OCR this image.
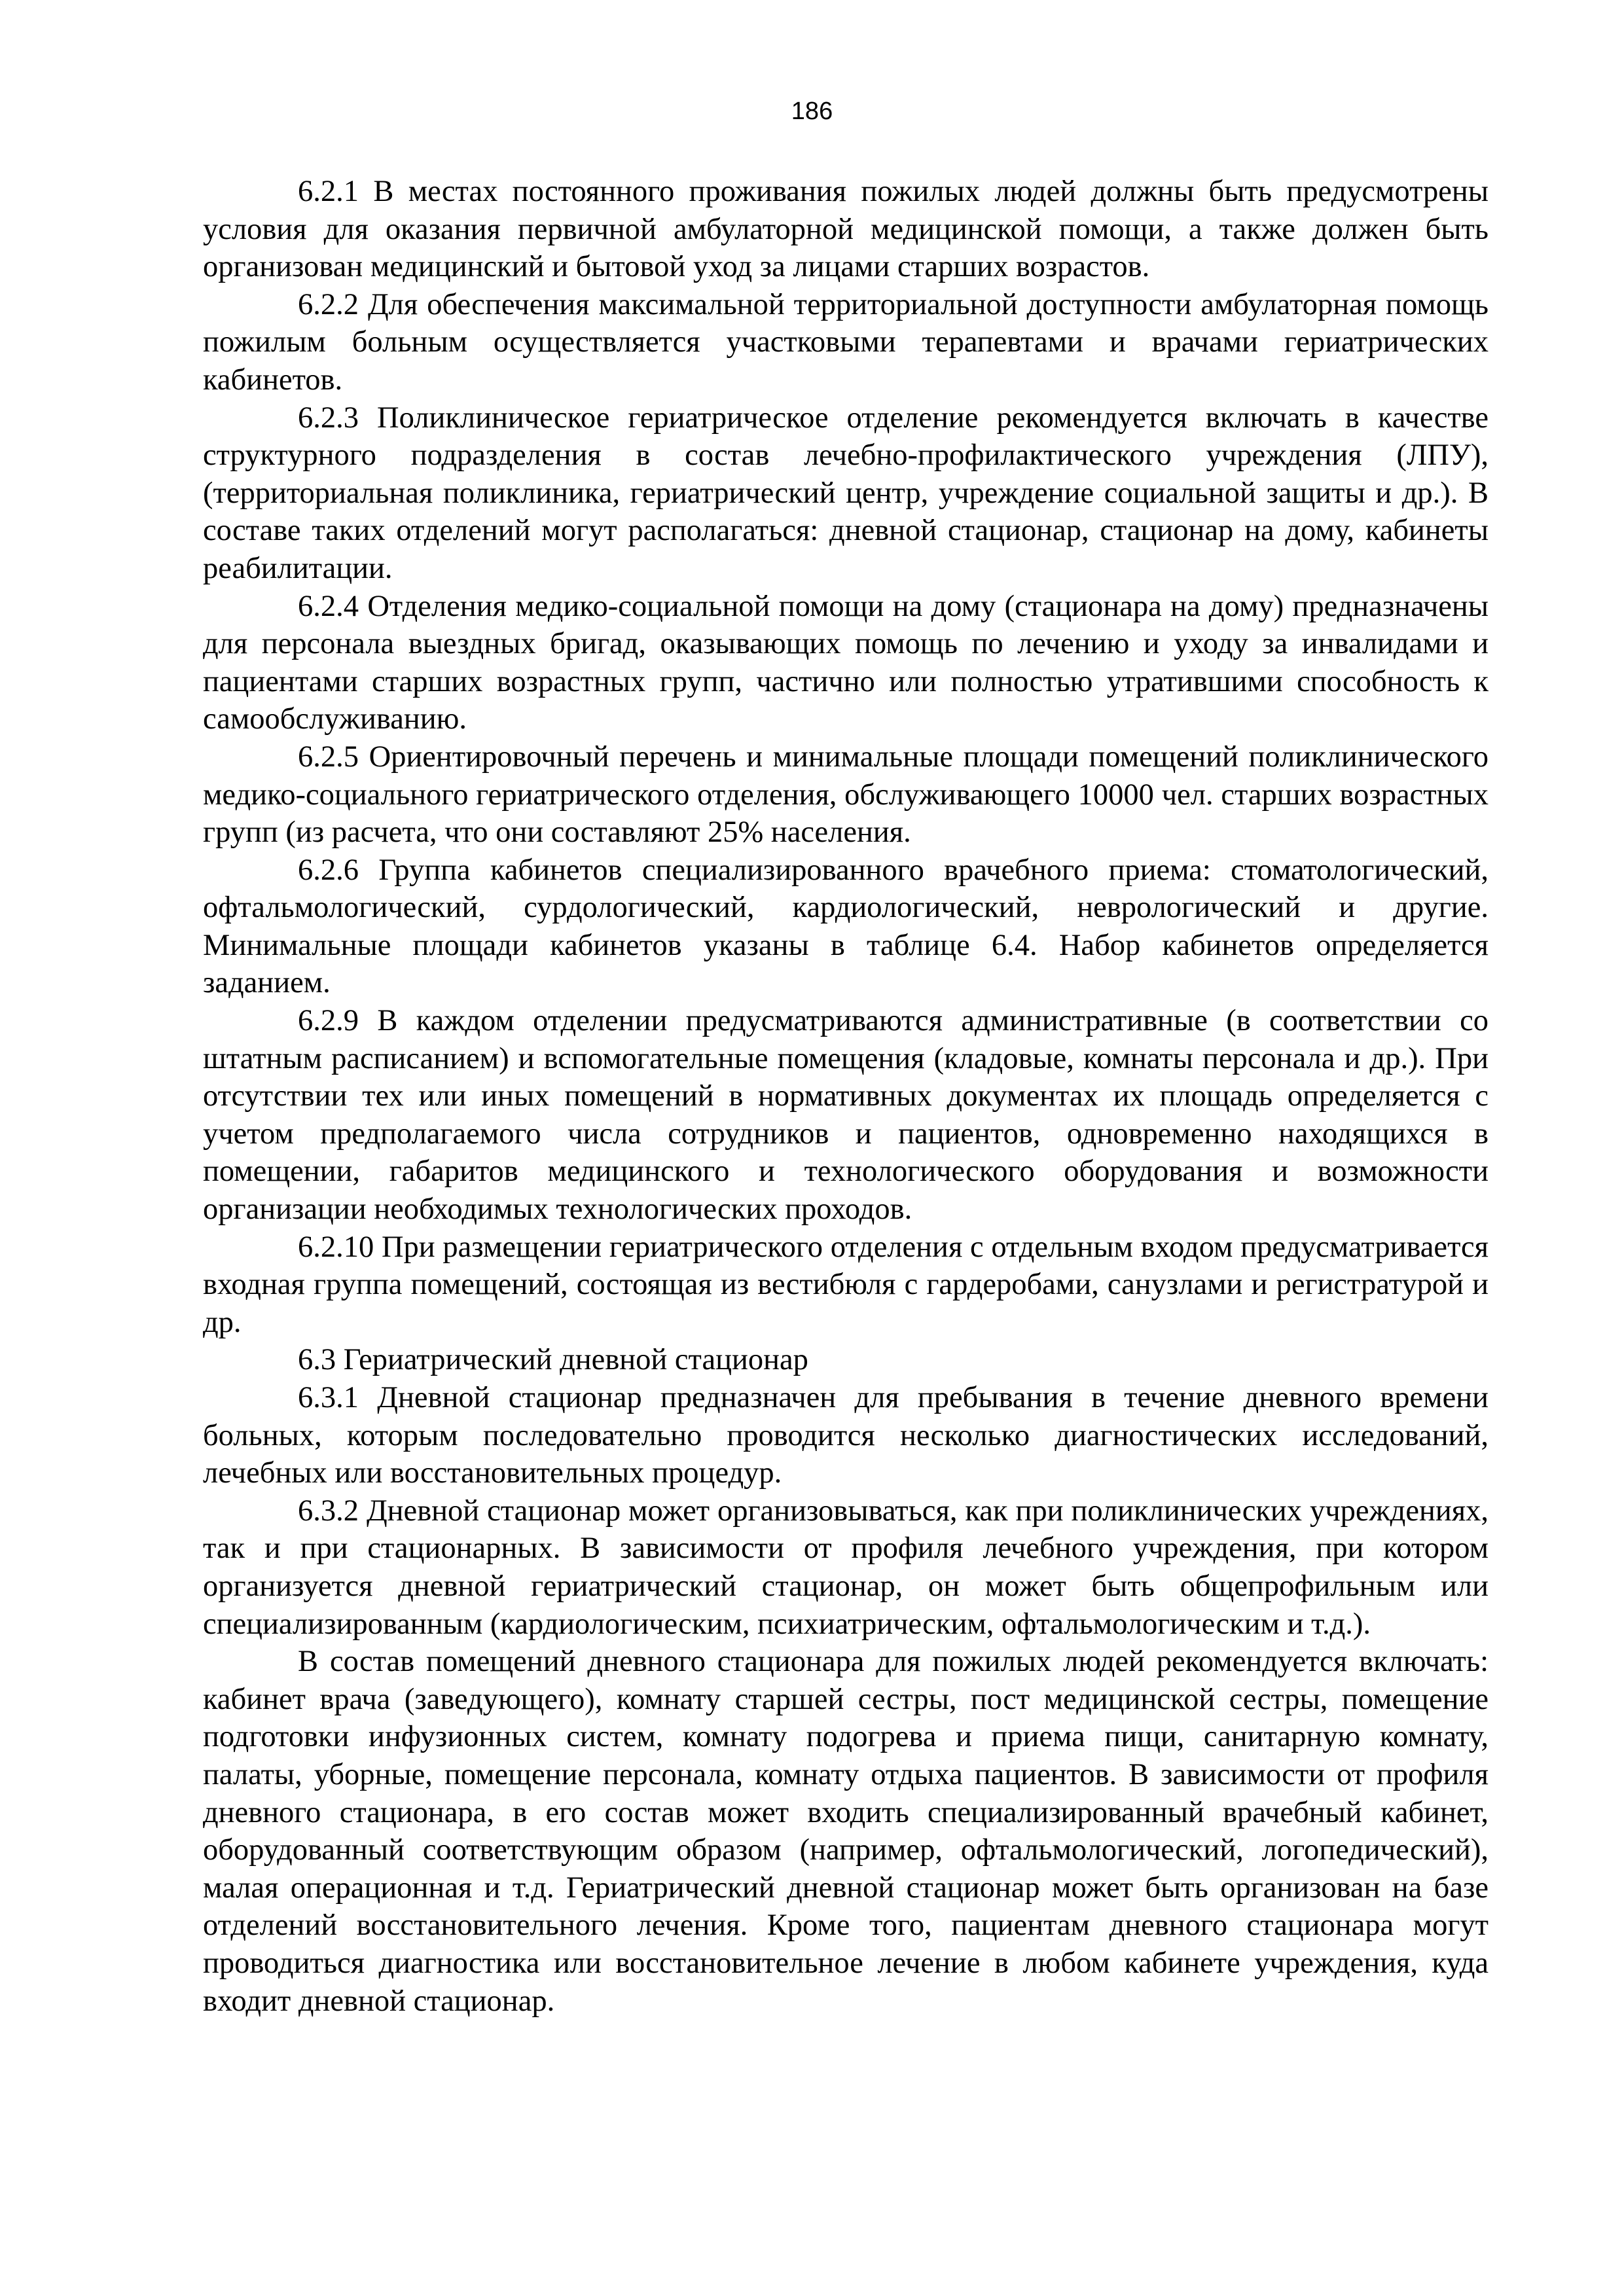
186

6.2.1 В местах постоянного проживания пожилых людей должны быть предусмотрены условия для оказания первичной амбулаторной медицинской помощи, а также должен быть организован медицинский и бытовой уход за лицами старших возрастов.

6.2.2 Для обеспечения максимальной территориальной доступности амбулаторная помощь пожилым больным осуществляется участковыми терапевтами и врачами гериатрических кабинетов.

6.2.3 Поликлиническое гериатрическое отделение рекомендуется включать в качестве структурного подразделения в состав лечебно-профилактического учреждения (ЛПУ), (территориальная поликлиника, гериатрический центр, учреждение социальной защиты и др.). В составе таких отделений могут располагаться: дневной стационар, стационар на дому, кабинеты реабилитации.

6.2.4 Отделения медико-социальной помощи на дому (стационара на дому) предназначены для персонала выездных бригад, оказывающих помощь по лечению и уходу за инвалидами и пациентами старших возрастных групп, частично или полностью утратившими способность к самообслуживанию.

6.2.5 Ориентировочный перечень и минимальные площади помещений поликлинического медико-социального гериатрического отделения, обслуживающего 10000 чел. старших возрастных групп (из расчета, что они составляют 25% населения.

6.2.6 Группа кабинетов специализированного врачебного приема: стоматологический, офтальмологический, сурдологический, кардиологический, неврологический и другие. Минимальные площади кабинетов указаны в таблице 6.4. Набор кабинетов определяется заданием.

6.2.9 В каждом отделении предусматриваются административные (в соответствии со штатным расписанием) и вспомогательные помещения (кладовые, комнаты персонала и др.). При отсутствии тех или иных помещений в нормативных документах их площадь определяется с учетом предполагаемого числа сотрудников и пациентов, одновременно находящихся в помещении, габаритов медицинского и технологического оборудования и возможности организации необходимых технологических проходов.

6.2.10 При размещении гериатрического отделения с отдельным входом предусматривается входная группа помещений, состоящая из вестибюля с гардеробами, санузлами и регистратурой и др.

6.3 Гериатрический дневной стационар

6.3.1 Дневной стационар предназначен для пребывания в течение дневного времени больных, которым последовательно проводится несколько диагностических исследований, лечебных или восстановительных процедур.

6.3.2 Дневной стационар может организовываться, как при поликлинических учреждениях, так и при стационарных. В зависимости от профиля лечебного учреждения, при котором организуется дневной гериатрический стационар, он может быть общепрофильным или специализированным (кардиологическим, психиатрическим, офтальмологическим и т.д.).

В состав помещений дневного стационара для пожилых людей рекомендуется включать: кабинет врача (заведующего), комнату старшей сестры, пост медицинской сестры, помещение подготовки инфузионных систем, комнату подогрева и приема пищи, санитарную комнату, палаты, уборные, помещение персонала, комнату отдыха пациентов. В зависимости от профиля дневного стационара, в его состав может входить специализированный врачебный кабинет, оборудованный соответствующим образом (например, офтальмологический, логопедический), малая операционная и т.д. Гериатрический дневной стационар может быть организован на базе отделений восстановительного лечения. Кроме того, пациентам дневного стационара могут проводиться диагностика или восстановительное лечение в любом кабинете учреждения, куда входит дневной стационар.
